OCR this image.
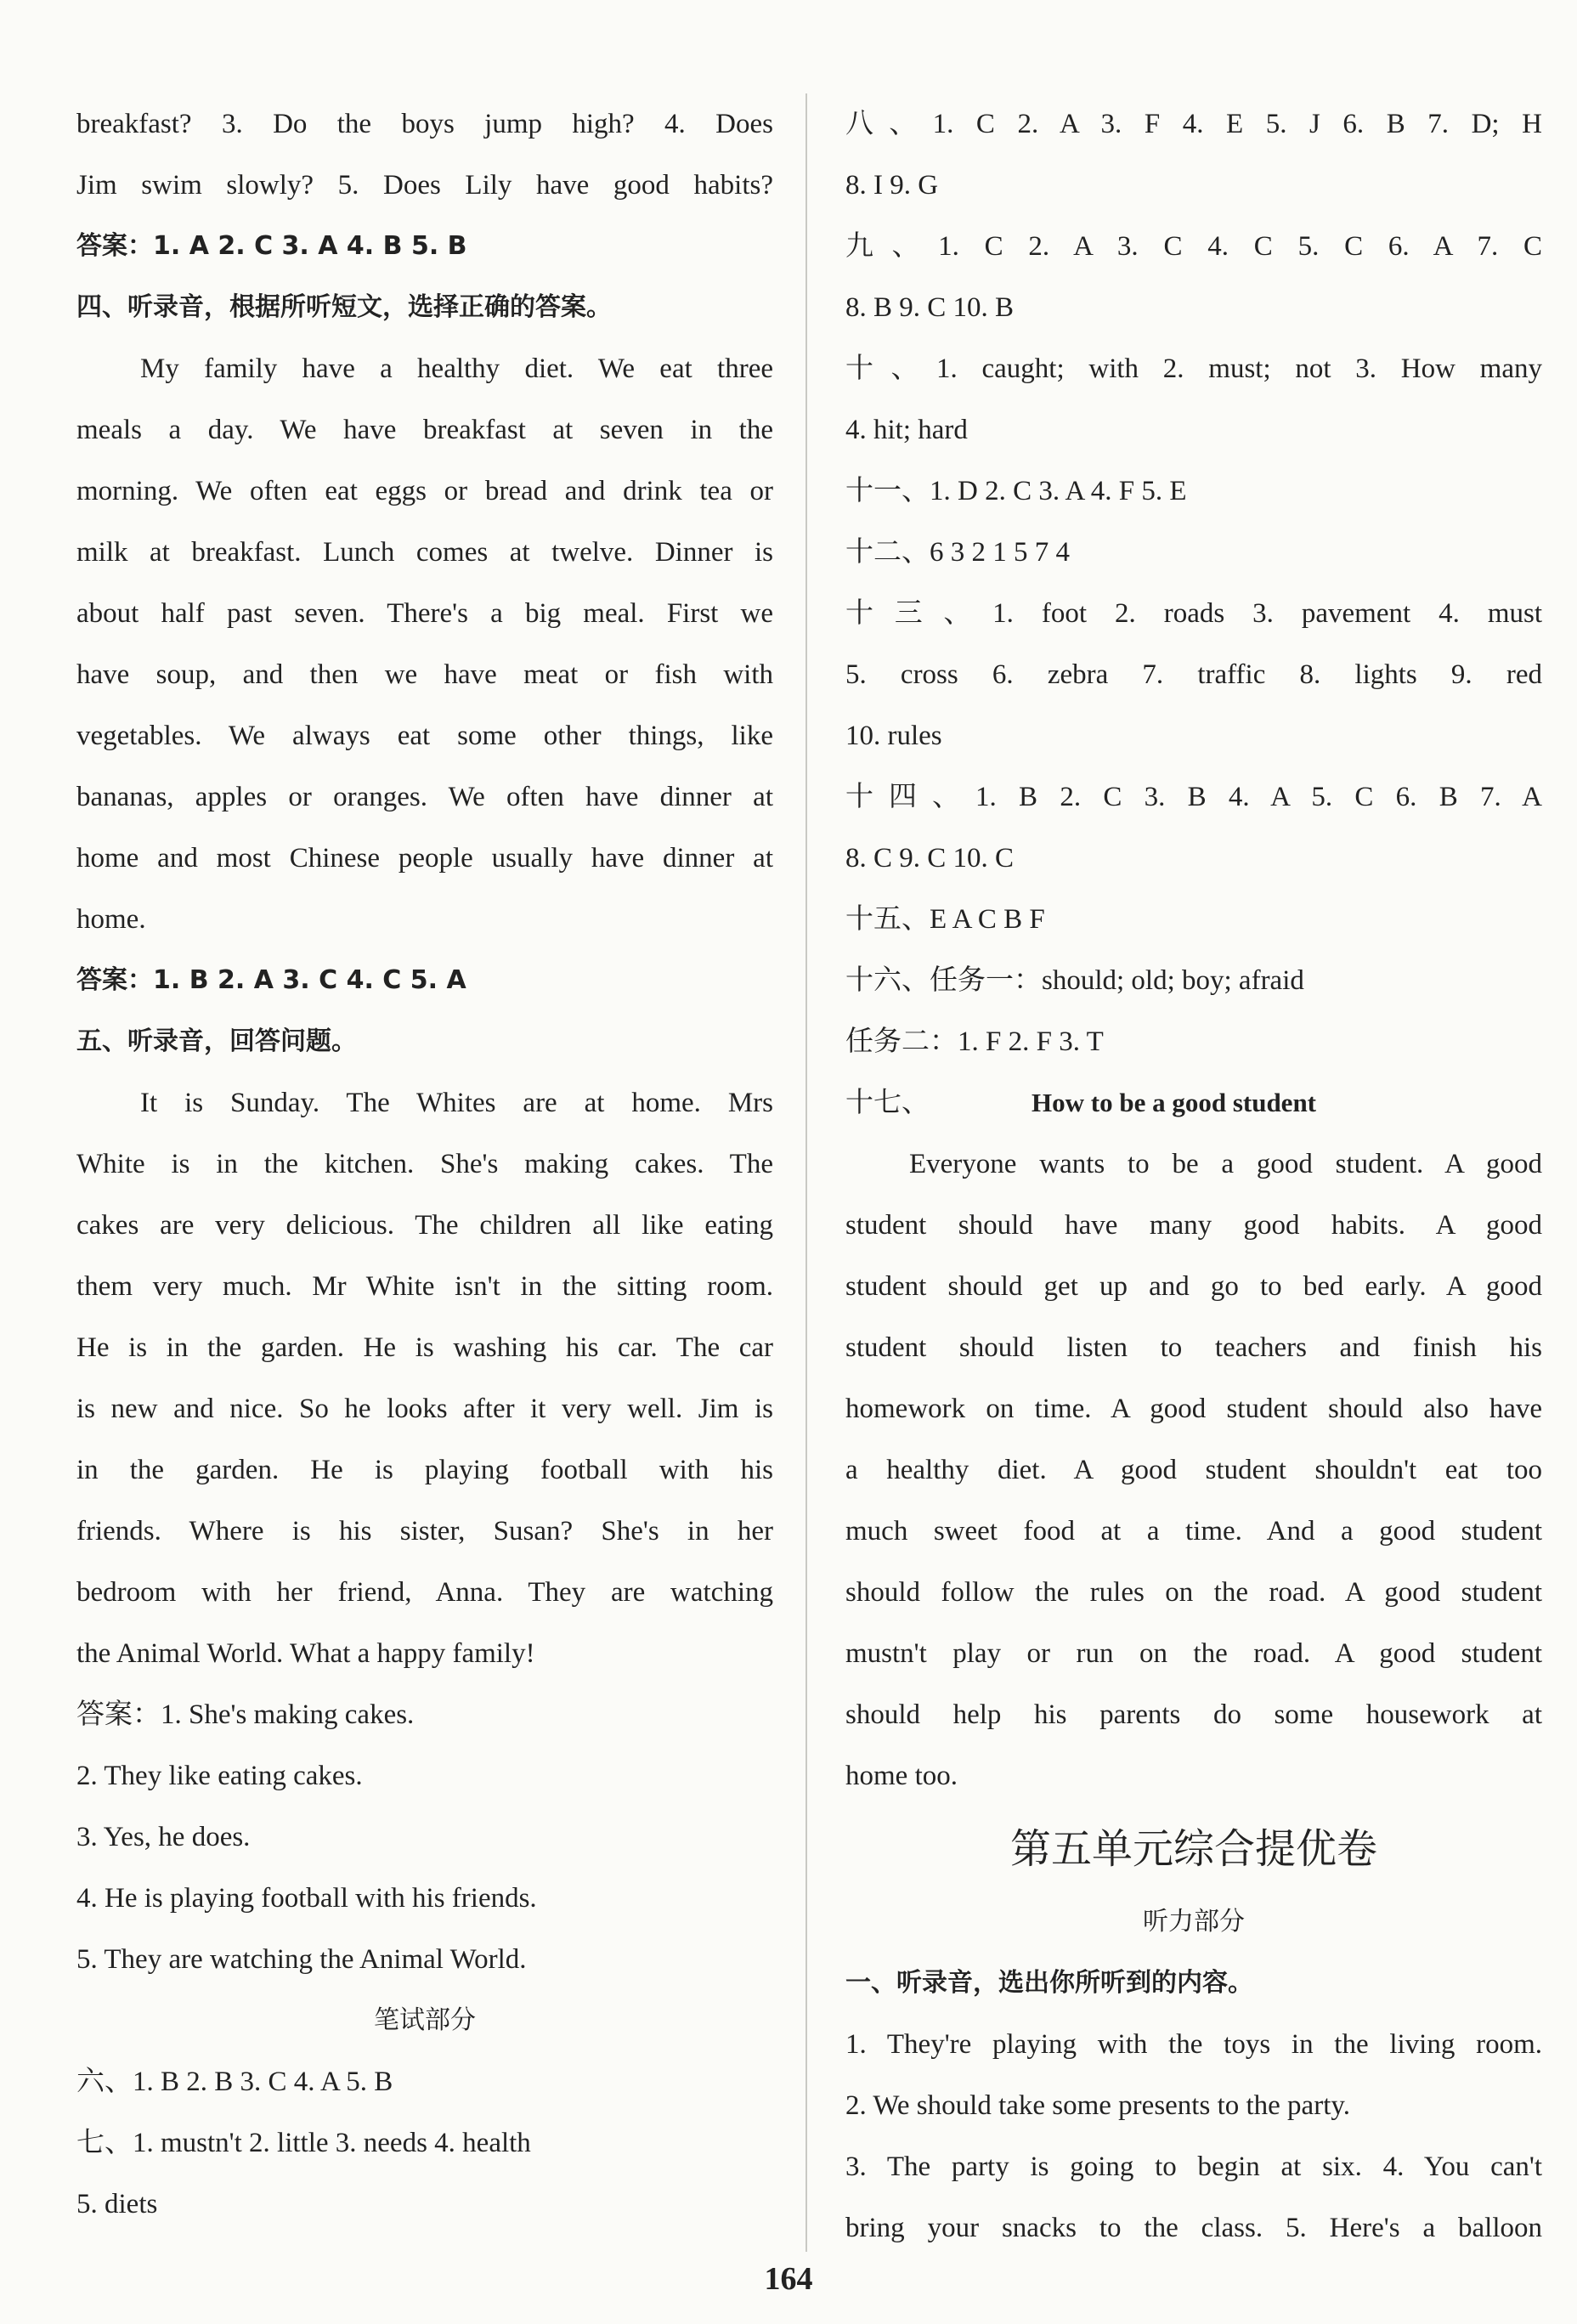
breakfast? 3. Do the boys jump high? 4. Does
Jim swim slowly? 5. Does Lily have good habits?
答案：1. A 2. C 3. A 4. B 5. B
四、听录音，根据所听短文，选择正确的答案。
My family have a healthy diet. We eat three
meals a day. We have breakfast at seven in the
morning. We often eat eggs or bread and drink tea or
milk at breakfast. Lunch comes at twelve. Dinner is
about half past seven. There's a big meal. First we
have soup, and then we have meat or fish with
vegetables. We always eat some other things, like
bananas, apples or oranges. We often have dinner at
home and most Chinese people usually have dinner at
home.
答案：1. B 2. A 3. C 4. C 5. A
五、听录音，回答问题。
It is Sunday. The Whites are at home. Mrs
White is in the kitchen. She's making cakes. The
cakes are very delicious. The children all like eating
them very much. Mr White isn't in the sitting room.
He is in the garden. He is washing his car. The car
is new and nice. So he looks after it very well. Jim is
in the garden. He is playing football with his
friends. Where is his sister, Susan? She's in her
bedroom with her friend, Anna. They are watching
the Animal World. What a happy family!
答案：1. She's making cakes.
2. They like eating cakes.
3. Yes, he does.
4. He is playing football with his friends.
5. They are watching the Animal World.
笔试部分
六、1. B 2. B 3. C 4. A 5. B
七、1. mustn't 2. little 3. needs 4. health
5. diets
八、1. C 2. A 3. F 4. E 5. J 6. B 7. D; H
8. I 9. G
九、1. C 2. A 3. C 4. C 5. C 6. A 7. C
8. B 9. C 10. B
十、1. caught; with 2. must; not 3. How many
4. hit; hard
十一、1. D 2. C 3. A 4. F 5. E
十二、6 3 2 1 5 7 4
十三、1. foot 2. roads 3. pavement 4. must
5. cross 6. zebra 7. traffic 8. lights 9. red
10. rules
十四、1. B 2. C 3. B 4. A 5. C 6. B 7. A
8. C 9. C 10. C
十五、E A C B F
十六、任务一：should; old; boy; afraid
任务二：1. F 2. F 3. T
十七、	How to be a good student
Everyone wants to be a good student. A good
student should have many good habits. A good
student should get up and go to bed early. A good
student should listen to teachers and finish his
homework on time. A good student should also have
a healthy diet. A good student shouldn't eat too
much sweet food at a time. And a good student
should follow the rules on the road. A good student
mustn't play or run on the road. A good student
should help his parents do some housework at
home too.
第五单元综合提优卷
听力部分
一、听录音，选出你所听到的内容。
1. They're playing with the toys in the living room.
2. We should take some presents to the party.
3. The party is going to begin at six. 4. You can't
bring your snacks to the class. 5. Here's a balloon
164
